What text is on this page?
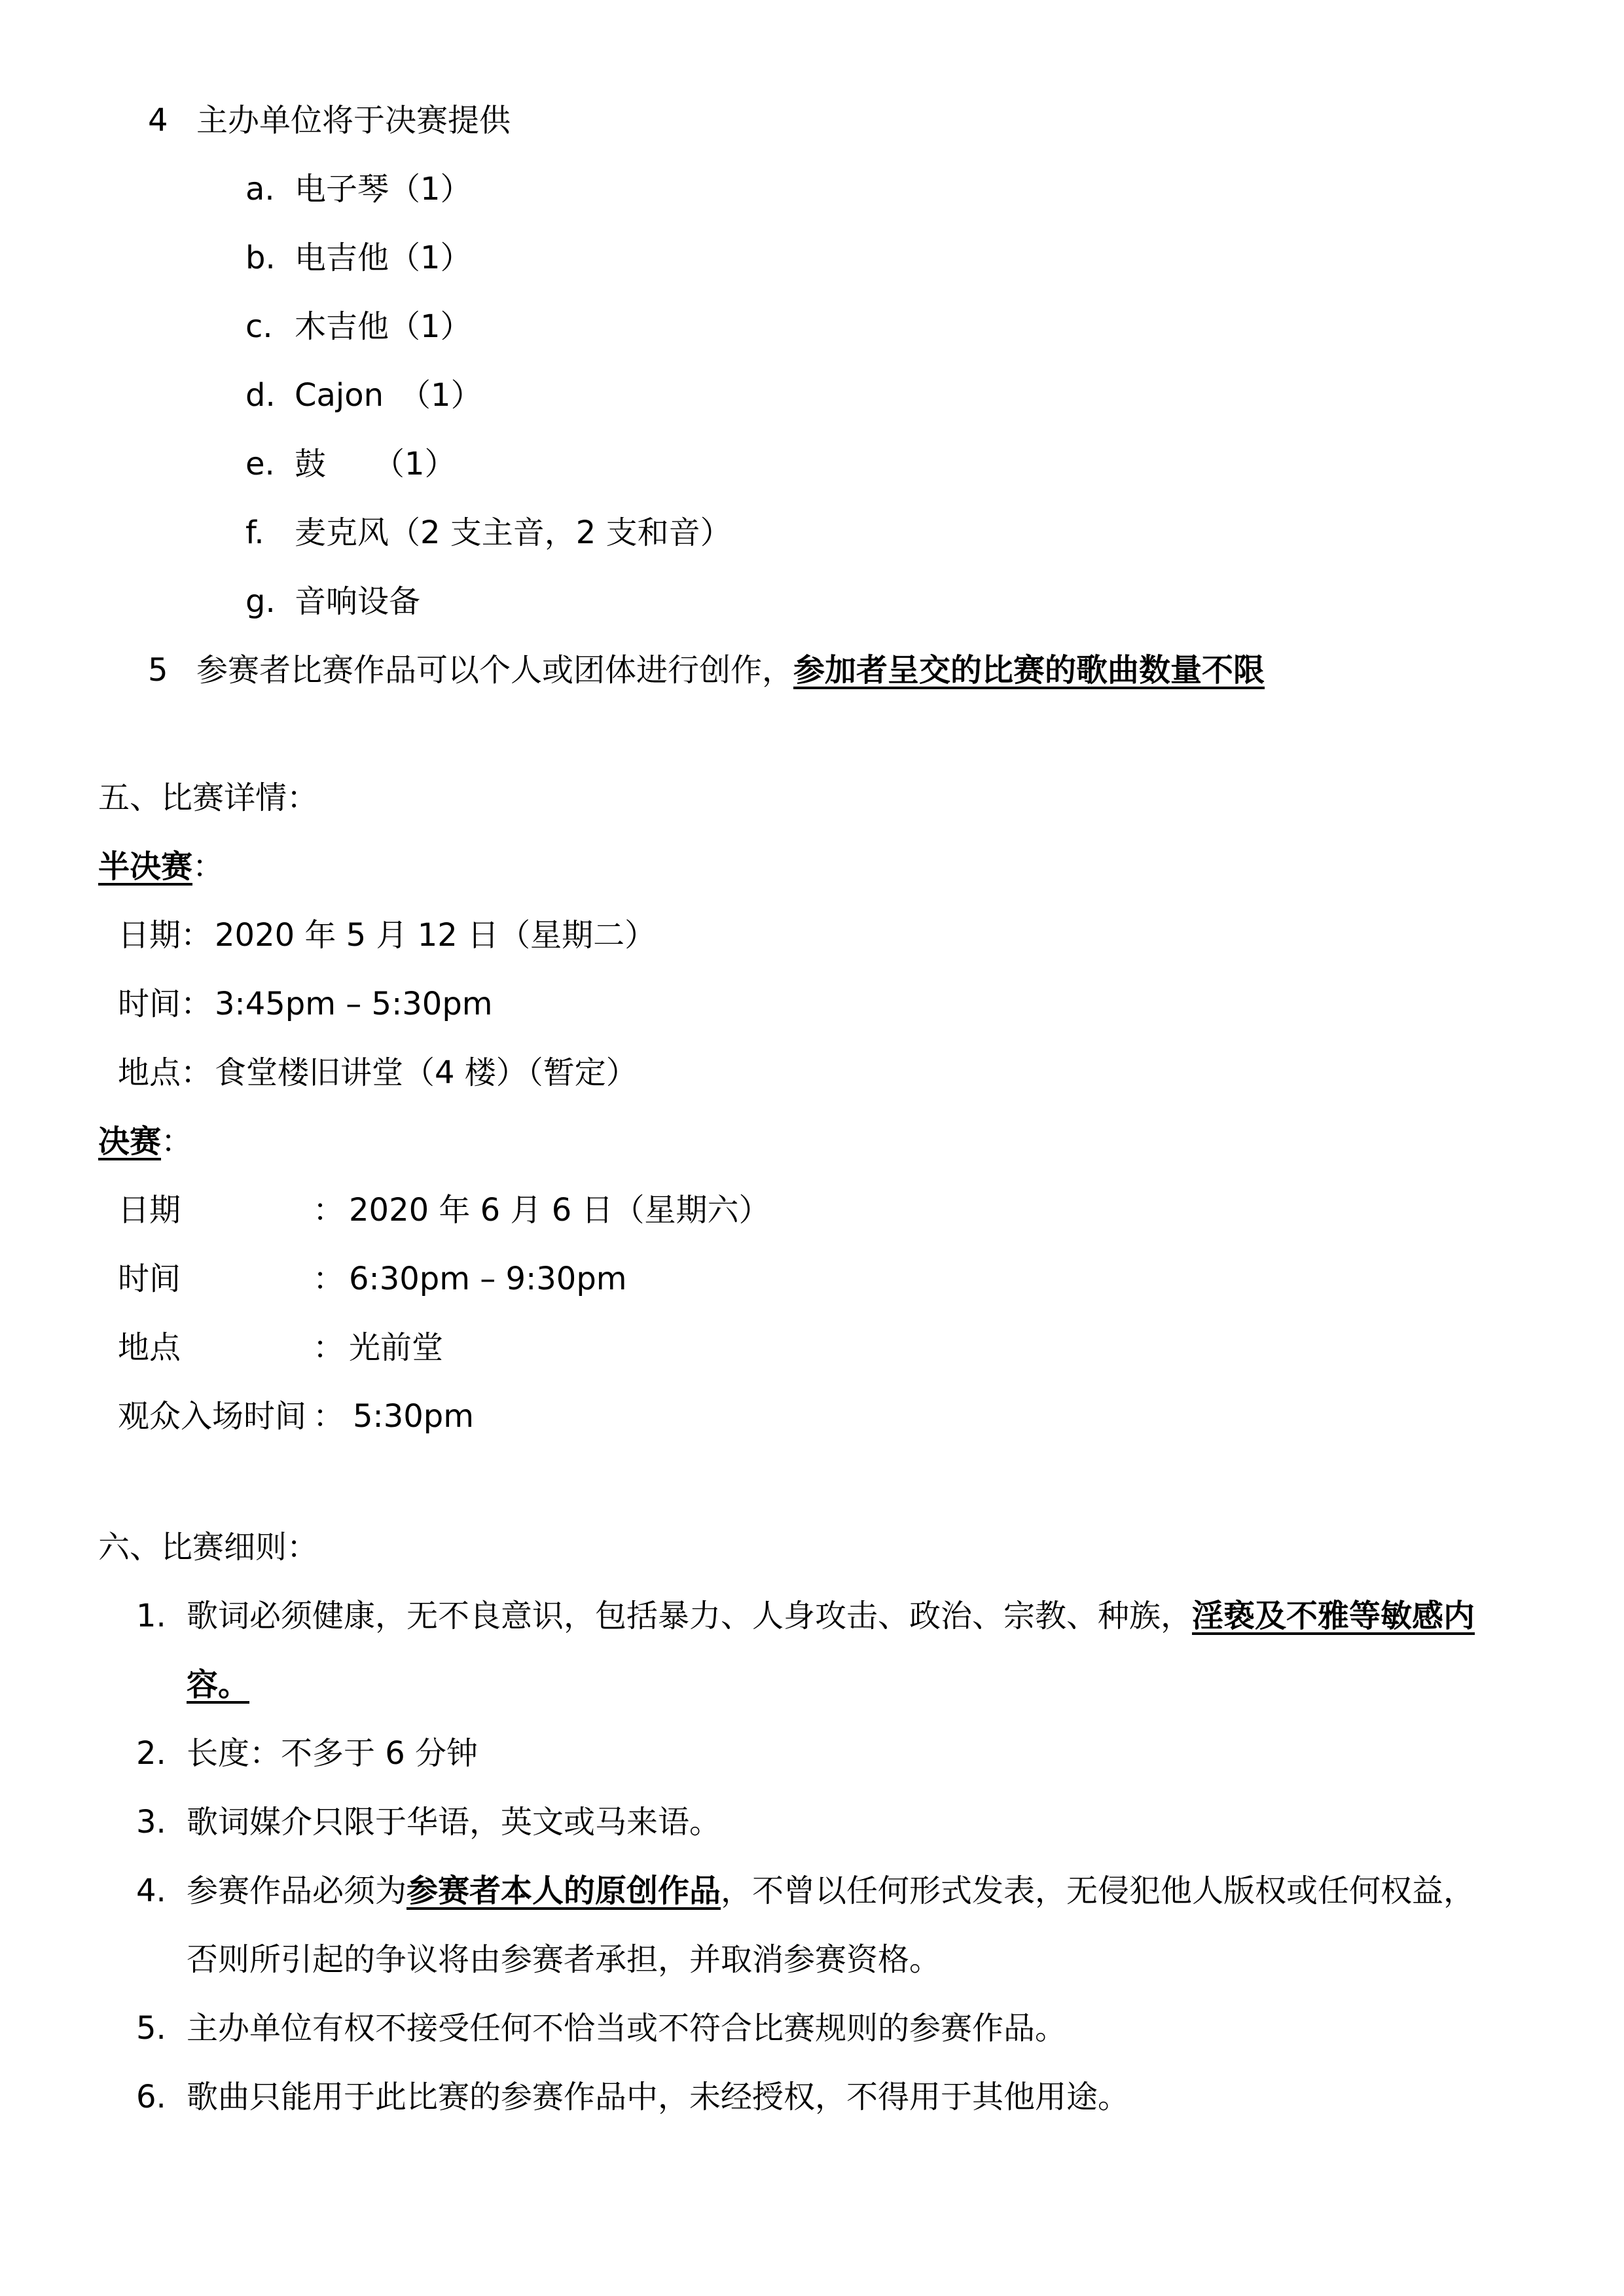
4 主办单位将于决赛提供
a. 电子琴（1）
b. 电吉他（1）
c. 木吉他（1）
d. Cajon　（1）
e. 鼓　　（1）
f. 麦克风（2 支主音，2 支和音）
g. 音响设备
5 参赛者比赛作品可以个人或团体进行创作，参加者呈交的比赛的歌曲数量不限
五、比赛详情：
半决赛：
日期： 2020 年 5 月 12 日（星期二）
时间： 3:45pm – 5:30pm
地点： 食堂楼旧讲堂（4 楼）（暂定）
决赛：
日期	： 2020 年 6 月 6 日（星期六）
时间	： 6:30pm – 9:30pm
地点	： 光前堂
观众入场时间 ： 5:30pm
六、比赛细则：
1. 歌词必须健康，无不良意识，包括暴力、人身攻击、政治、宗教、种族，淫亵及不雅等敏感内
容。
2. 长度：不多于 6 分钟
3. 歌词媒介只限于华语，英文或马来语。
4. 参赛作品必须为参赛者本人的原创作品，不曾以任何形式发表，无侵犯他人版权或任何权益，
否则所引起的争议将由参赛者承担，并取消参赛资格。
5. 主办单位有权不接受任何不恰当或不符合比赛规则的参赛作品。
6. 歌曲只能用于此比赛的参赛作品中，未经授权，不得用于其他用途。
